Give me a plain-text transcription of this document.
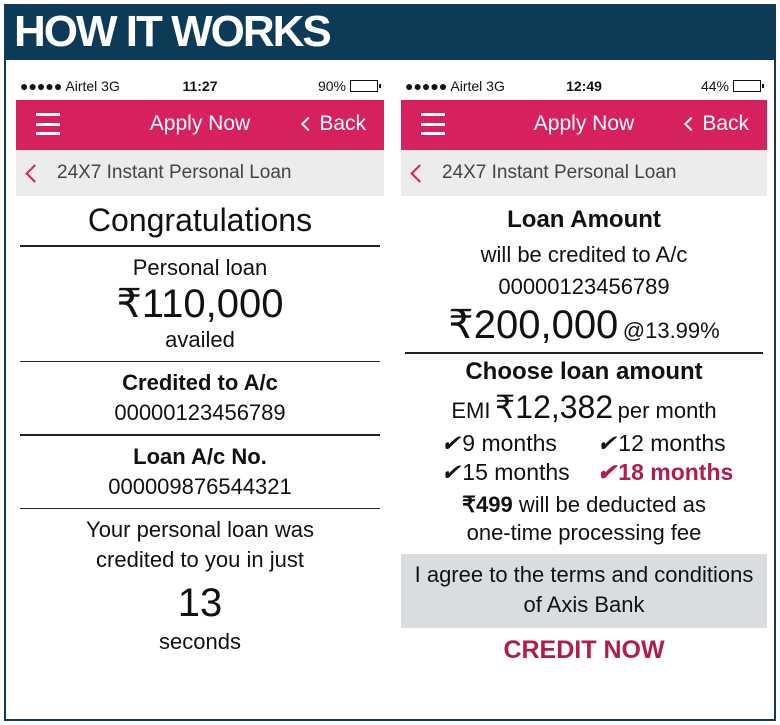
HOW IT WORKS
●●●●● Airtel 3G	11:27	90%
Apply Now	Back
24X7 Instant Personal Loan
Congratulations
Personal loan
₹110,000
availed
Credited to A/c
00000123456789
Loan A/c No.
000009876544321
Your personal loan was
credited to you in just
13
seconds
●●●●● Airtel 3G	12:49	44%
Apply Now	Back
24X7 Instant Personal Loan
Loan Amount
will be credited to A/c
00000123456789
₹200,000 @13.99%
Choose loan amount
EMI ₹12,382 per month
✔9 months	✔12 months
✔15 months	✔18 months
₹499 will be deducted as
one-time processing fee
I agree to the terms and conditions
of Axis Bank
CREDIT NOW
